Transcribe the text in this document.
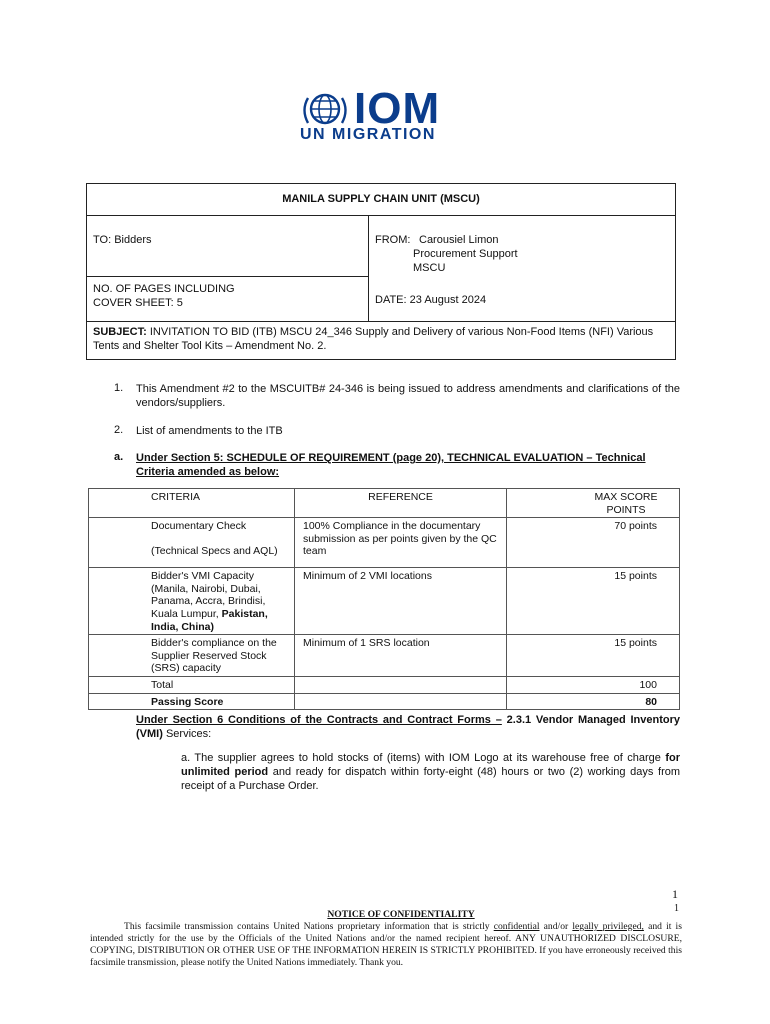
IOM
UN MIGRATION
MANILA SUPPLY CHAIN UNIT (MSCU)
TO: Bidders	FROM: Carousiel Limon
Procurement Support
MSCU
NO. OF PAGES INCLUDING
COVER SHEET: 5	DATE: 23 August 2024
SUBJECT: INVITATION TO BID (ITB) MSCU 24_346 Supply and Delivery of various Non-Food Items (NFI) Various Tents and Shelter Tool Kits – Amendment No. 2.
1. This Amendment #2 to the MSCUITB# 24-346 is being issued to address amendments and clarifications of the vendors/suppliers.
2. List of amendments to the ITB
a. Under Section 5: SCHEDULE OF REQUIREMENT (page 20), TECHNICAL EVALUATION – Technical Criteria amended as below:
CRITERIA	REFERENCE	MAX SCORE POINTS

Documentary Check
(Technical Specs and AQL)	100% Compliance in the documentary submission as per points given by the QC team	70 points
Bidder's VMI Capacity (Manila, Nairobi, Dubai, Panama, Accra, Brindisi, Kuala Lumpur, Pakistan, India, China)	Minimum of 2 VMI locations	15 points
Bidder's compliance on the Supplier Reserved Stock (SRS) capacity	Minimum of 1 SRS location	15 points
Total		100
Passing Score		80
Under Section 6 Conditions of the Contracts and Contract Forms – 2.3.1 Vendor Managed Inventory (VMI) Services:
a. The supplier agrees to hold stocks of (items) with IOM Logo at its warehouse free of charge for unlimited period and ready for dispatch within forty-eight (48) hours or two (2) working days from receipt of a Purchase Order.
1
1
NOTICE OF CONFIDENTIALITY
This facsimile transmission contains United Nations proprietary information that is strictly confidential and/or legally privileged, and it is intended strictly for the use by the Officials of the United Nations and/or the named recipient hereof. ANY UNAUTHORIZED DISCLOSURE, COPYING, DISTRIBUTION OR OTHER USE OF THE INFORMATION HEREIN IS STRICTLY PROHIBITED. If you have erroneously received this facsimile transmission, please notify the United Nations immediately. Thank you.
